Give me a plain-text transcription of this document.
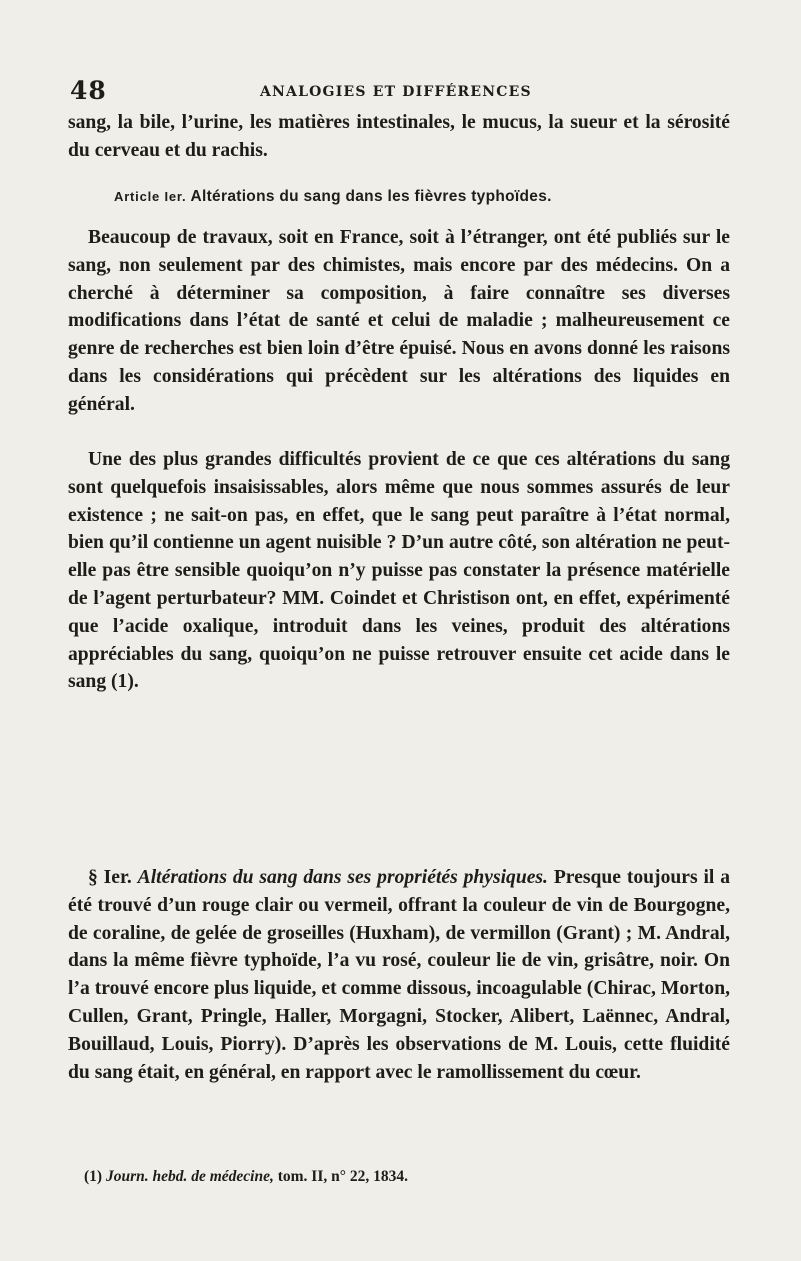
48	ANALOGIES ET DIFFÉRENCES

sang, la bile, l’urine, les matières intestinales, le mucus, la sueur et la sérosité du cerveau et du rachis.

Article Ier. Altérations du sang dans les fièvres typhoïdes.

Beaucoup de travaux, soit en France, soit à l’étranger, ont été publiés sur le sang, non seulement par des chimistes, mais encore par des médecins. On a cherché à déterminer sa composition, à faire connaître ses diverses modifications dans l’état de santé et celui de maladie ; malheureusement ce genre de recherches est bien loin d’être épuisé. Nous en avons donné les raisons dans les considérations qui précèdent sur les altérations des liquides en général.

Une des plus grandes difficultés provient de ce que ces altérations du sang sont quelquefois insaisissables, alors même que nous sommes assurés de leur existence ; ne sait-on pas, en effet, que le sang peut paraître à l’état normal, bien qu’il contienne un agent nuisible ? D’un autre côté, son altération ne peut-elle pas être sensible quoiqu’on n’y puisse pas constater la présence matérielle de l’agent perturbateur? MM. Coindet et Christison ont, en effet, expérimenté que l’acide oxalique, introduit dans les veines, produit des altérations appréciables du sang, quoiqu’on ne puisse retrouver ensuite cet acide dans le sang (1).

§ Ier. Altérations du sang dans ses propriétés physiques. Presque toujours il a été trouvé d’un rouge clair ou vermeil, offrant la couleur de vin de Bourgogne, de coraline, de gelée de groseilles (Huxham), de vermillon (Grant) ; M. Andral, dans la même fièvre typhoïde, l’a vu rosé, couleur lie de vin, grisâtre, noir. On l’a trouvé encore plus liquide, et comme dissous, incoagulable (Chirac, Morton, Cullen, Grant, Pringle, Haller, Morgagni, Stocker, Alibert, Laënnec, Andral, Bouillaud, Louis, Piorry). D’après les observations de M. Louis, cette fluidité du sang était, en général, en rapport avec le ramollissement du cœur.

(1) Journ. hebd. de médecine, tom. II, n° 22, 1834.
